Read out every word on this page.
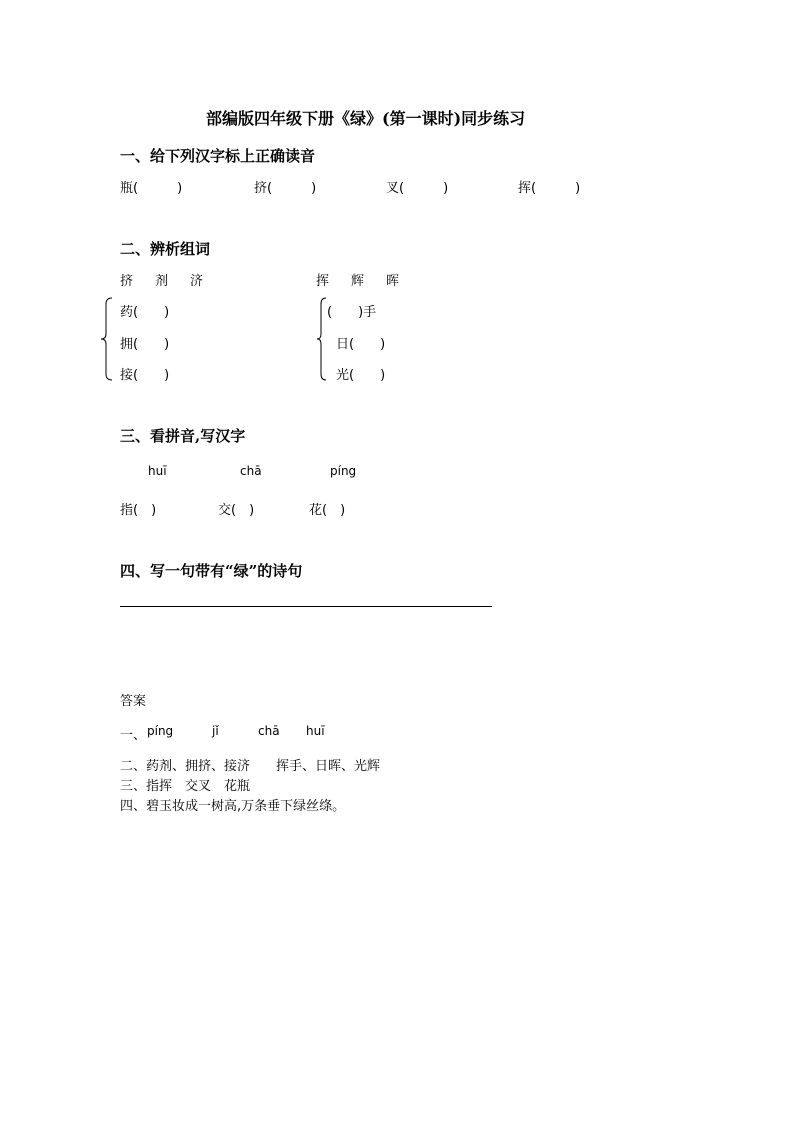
部编版四年级下册《绿》(第一课时)同步练习
一、给下列汉字标上正确读音
瓶(　　　)	挤(　　　)	叉(　　　)	挥(　　　)
二、辨析组词
挤 剂 济	挥 辉 晖
药(　　)
拥(　　)
接(　　)
(　　)手
日(　　)
光(　　)
三、看拼音,写汉字
huī	chā	píng
指(　)	交(　)	花(　)
四、写一句带有“绿”的诗句
答案
一、 píng	jǐ	chā huī
二、药剂、拥挤、接济　　挥手、日晖、光辉
三、指挥　交叉　花瓶
四、碧玉妆成一树高,万条垂下绿丝绦。
